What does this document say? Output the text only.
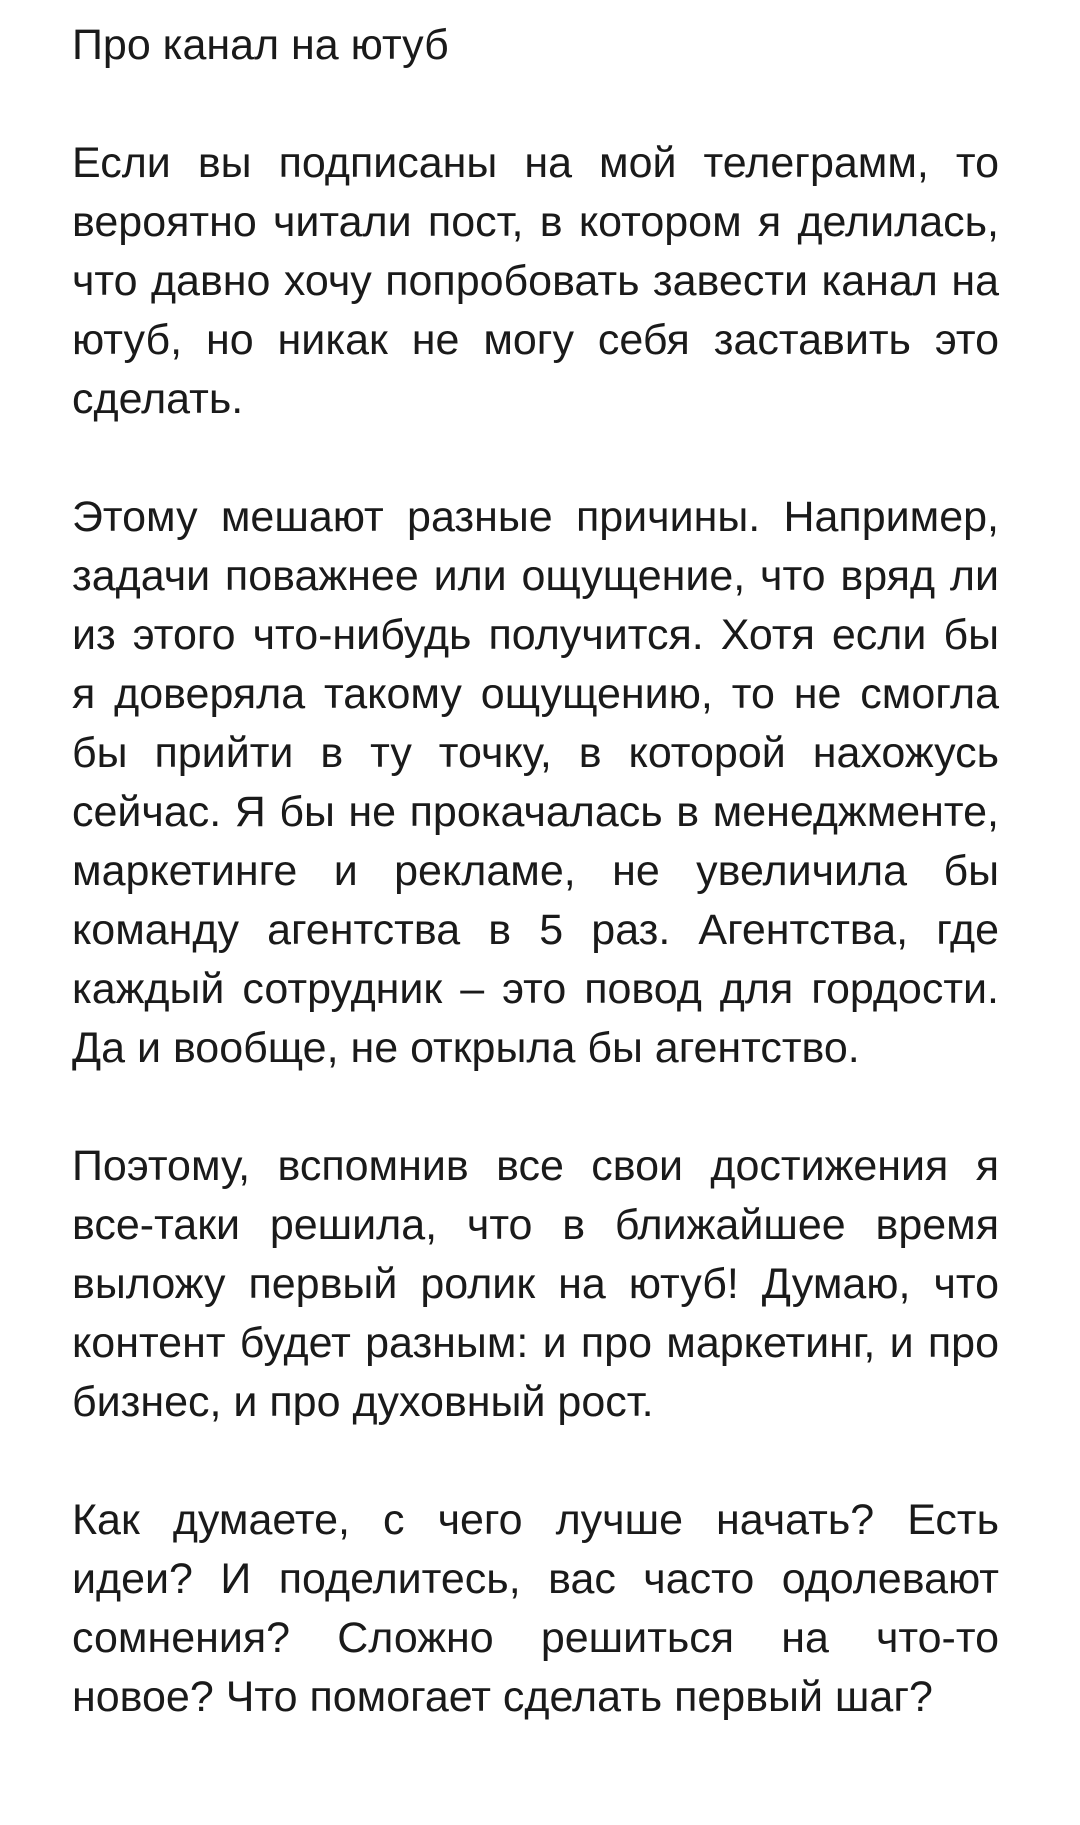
Про канал на ютуб

Если вы подписаны на мой телеграмм, то вероятно читали пост, в котором я делилась, что давно хочу попробовать завести канал на ютуб, но никак не могу себя заставить это сделать.

Этому мешают разные причины. Например, задачи поважнее или ощущение, что вряд ли из этого что-нибудь получится. Хотя если бы я доверяла такому ощущению, то не смогла бы прийти в ту точку, в которой нахожусь сейчас. Я бы не прокачалась в менеджменте, маркетинге и рекламе, не увеличила бы команду агентства в 5 раз. Агентства, где каждый сотрудник – это повод для гордости. Да и вообще, не открыла бы агентство.

Поэтому, вспомнив все свои достижения я все-таки решила, что в ближайшее время выложу первый ролик на ютуб! Думаю, что контент будет разным: и про маркетинг, и про бизнес, и про духовный рост.

Как думаете, с чего лучше начать? Есть идеи? И поделитесь, вас часто одолевают сомнения? Сложно решиться на что-то новое? Что помогает сделать первый шаг?
